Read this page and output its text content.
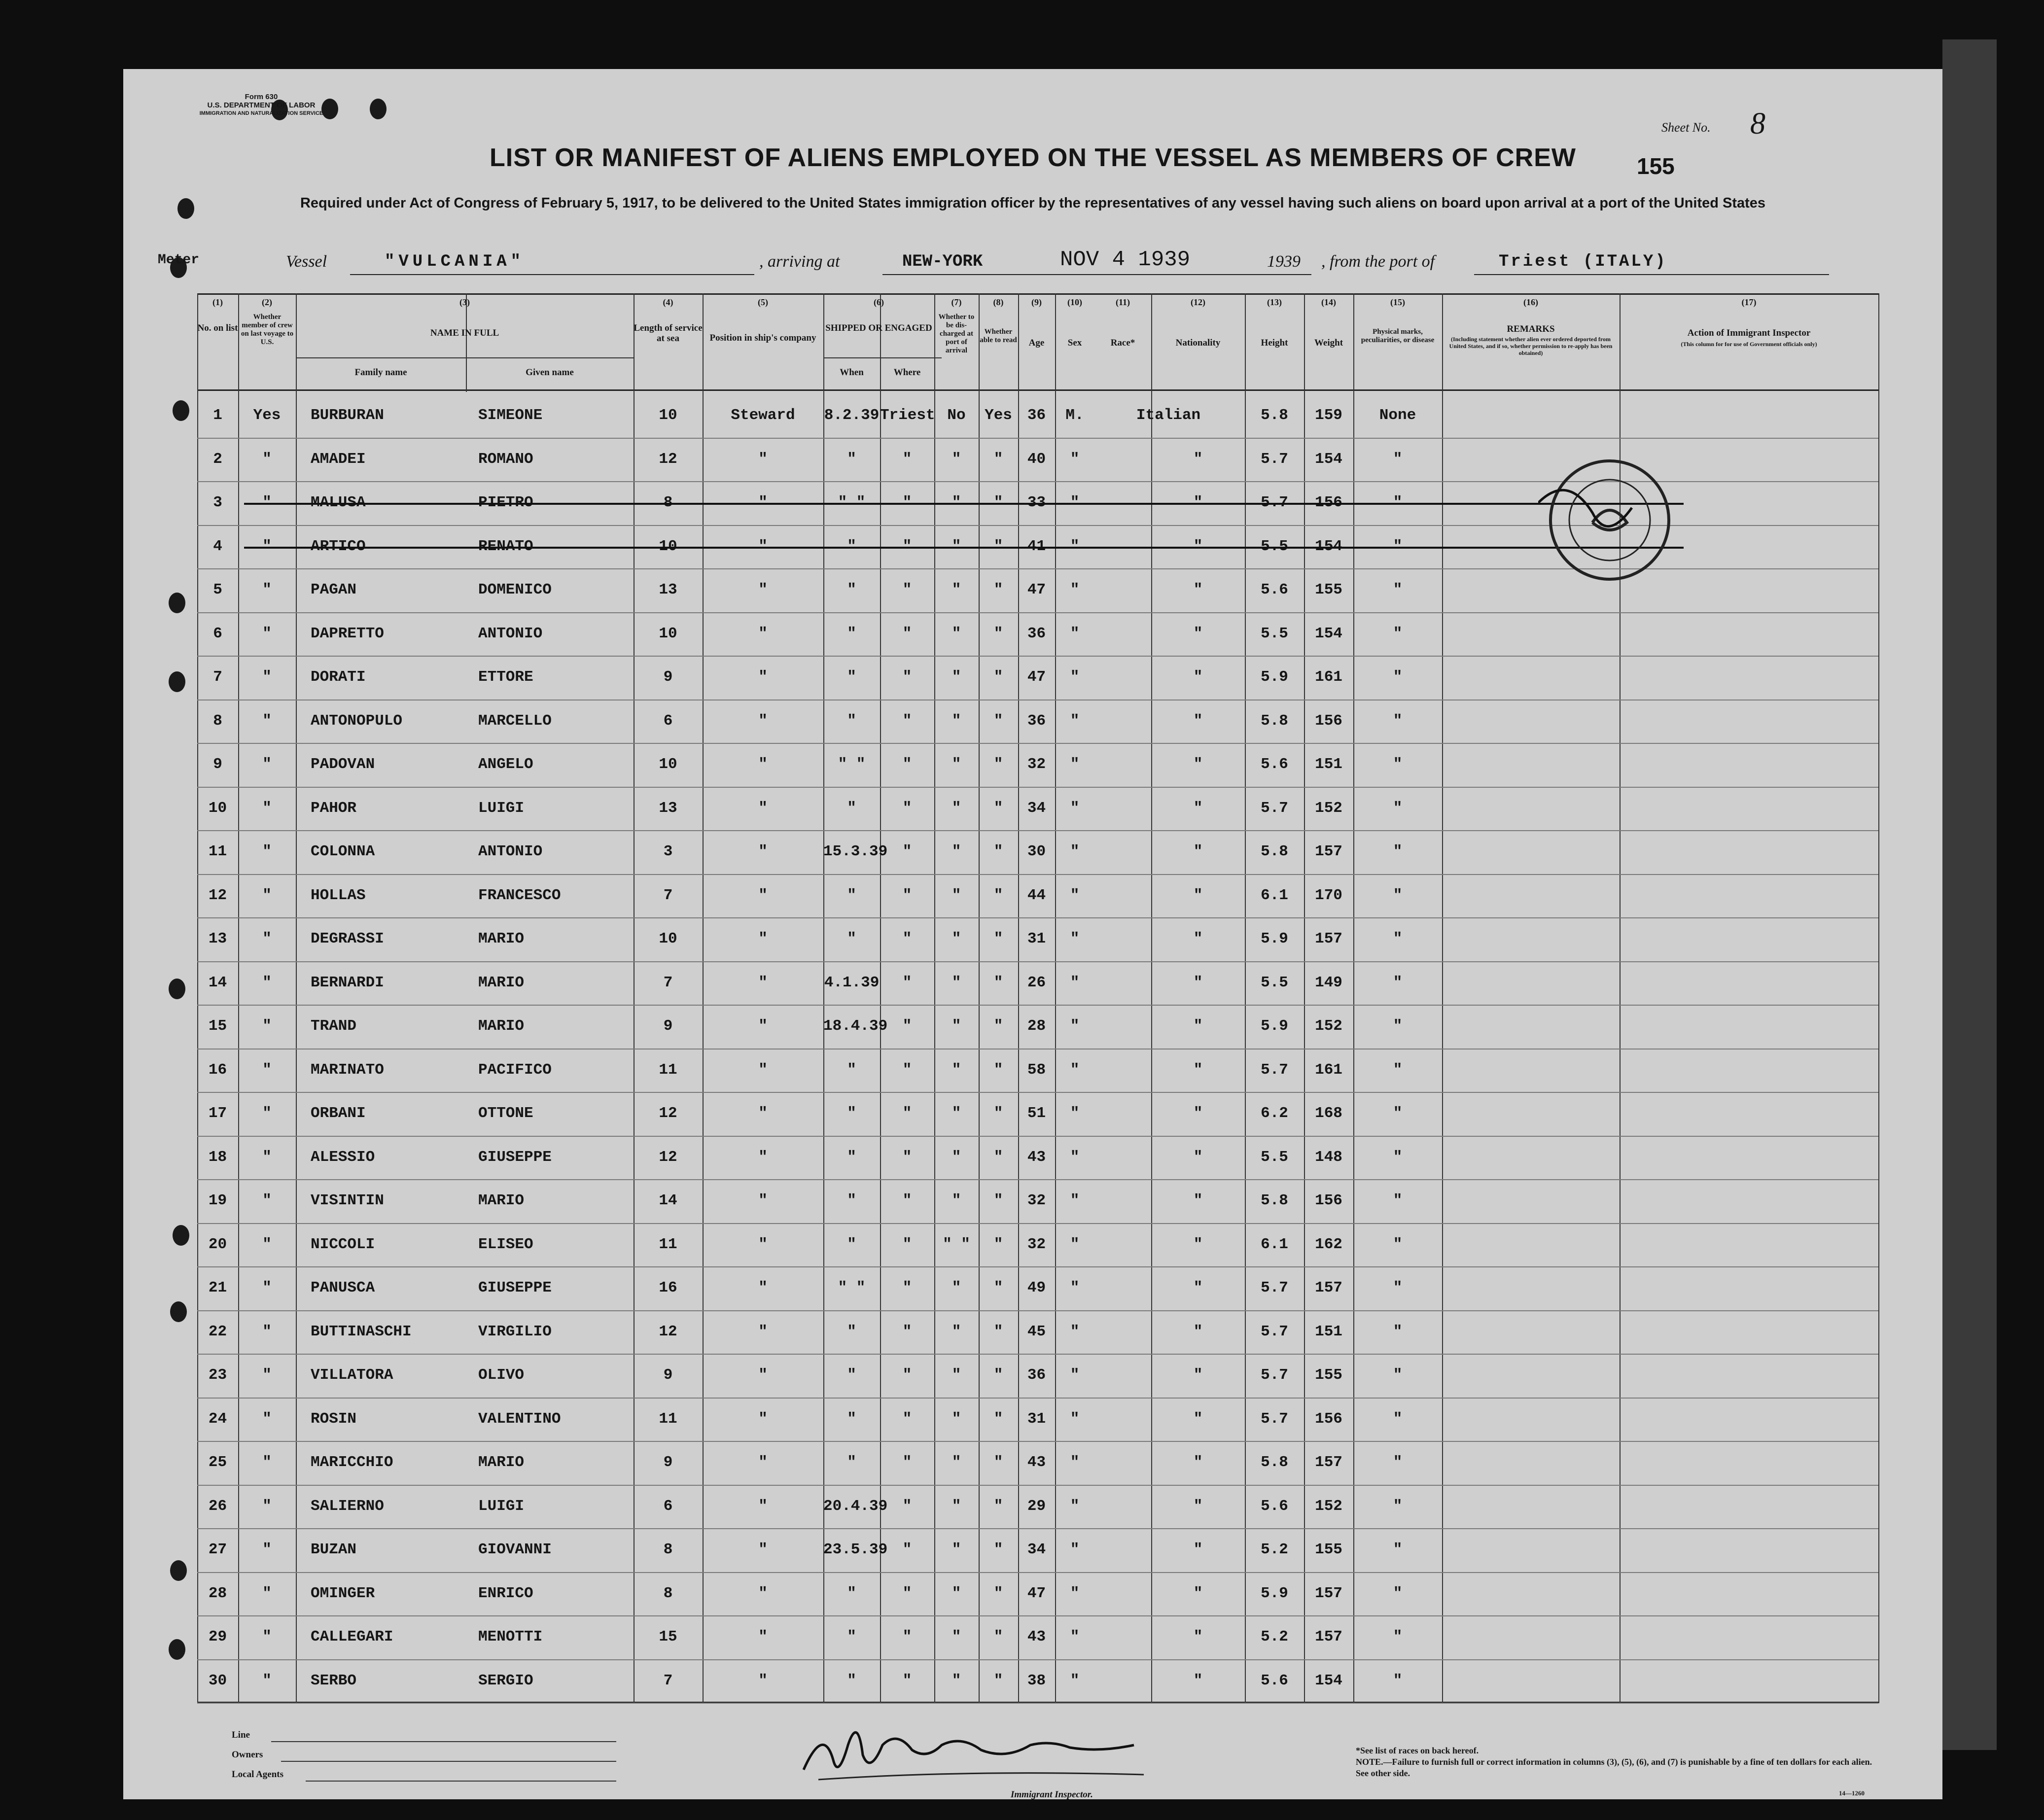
Form 630
U.S. DEPARTMENT OF LABOR
IMMIGRATION AND NATURALIZATION SERVICE
Sheet No. 8
155
LIST OR MANIFEST OF ALIENS EMPLOYED ON THE VESSEL AS MEMBERS OF CREW
Required under Act of Congress of February 5, 1917, to be delivered to the United States immigration officer by the representatives of any vessel having such aliens on board upon arrival at a port of the United States
Meter	Vessel	"VULCANIA"	, arriving at	NEW-YORK	NOV 4 1939	1939 , from the port of	Triest (ITALY)
(1)	(2)	(3)	(4)	(5)	(6)	(7)	(8)	(9)	(10)	(11)	(12)	(13)	(14)	(15)	(16)	(17)
No. on list
Whether member of crew on last voyage to U.S.
NAME IN FULL
Family name	Given name
Length of service at sea	Position in ship's company
SHIPPED OR ENGAGED
When	Where
Whether to be dis- charged at port of arrival
Whether able to read	Age	Sex	Race*	Nationality	Height	Weight
Physical marks, peculiarities, or disease
REMARKS
(Including statement whether alien ever ordered deported from United States, and if so, whether permission to re-apply has been obtained)
Action of Immigrant Inspector
(This column for for use of Government officials only)
1	Yes	BURBURAN	SIMEONE	10	Steward	8.2.39 Triest No	Yes 36	M.	Italian	5.8	159	None
2	"	AMADEI	ROMANO	12	"	"	"	"	"	40	"	"	5.7	154	"
3
4
5	"	PAGAN	DOMENICO	13	"	"	"	"	"	47	"	"	5.6	155	"
6	"	DAPRETTO	ANTONIO	10	"	"	"	"	"	36	"	"	5.5	154	"
7	"	DORATI	ETTORE	9	"	"	"	"	"	47	"	"	5.9	161	"
8	"	ANTONOPULO	MARCELLO	6	"	"	"	"	"	36	"	"	5.8	156	"
9	"	PADOVAN	ANGELO	10	"	" "	"	"	"	32	"	"	5.6	151	"
10	"	PAHOR	LUIGI	13	"	"	"	"	"	34	"	"	5.7	152	"
11	"	COLONNA	ANTONIO	3	"	15.3.39 "	"	"	30	"	"	5.8	157	"
12	"	HOLLAS	FRANCESCO	7	"	"	"	"	"	44	"	"	6.1	170	"
13	"	DEGRASSI	MARIO	10	"	"	"	"	"	31	"	"	5.9	157	"
14	"	BERNARDI	MARIO	7	"	4.1.39	"	"	"	26	"	"	5.5	149	"
15	"	TRAND	MARIO	9	"	18.4.39 "	"	"	28	"	"	5.9	152	"
16	"	MARINATO	PACIFICO	11	"	"	"	"	"	58	"	"	5.7	161	"
17	"	ORBANI	OTTONE	12	"	"	"	"	"	51	"	"	6.2	168	"
18	"	ALESSIO	GIUSEPPE	12	"	"	"	"	"	43	"	"	5.5	148	"
19	"	VISINTIN	MARIO	14	"	"	"	"	"	32	"	"	5.8	156	"
20	"	NICCOLI	ELISEO	11	"	"	"	" "	"	32	"	"	6.1	162	"
21	"	PANUSCA	GIUSEPPE	16	"	" "	"	"	"	49	"	"	5.7	157	"
22	"	BUTTINASCHI	VIRGILIO	12	"	"	"	"	"	45	"	"	5.7	151	"
23	"	VILLATORA	OLIVO	9	"	"	"	"	"	36	"	"	5.7	155	"
24	"	ROSIN	VALENTINO	11	"	"	"	"	"	31	"	"	5.7	156	"
25	"	MARICCHIO	MARIO	9	"	"	"	"	"	43	"	"	5.8	157	"
26	"	SALIERNO	LUIGI	6	"	20.4.39 "	"	"	29	"	"	5.6	152	"
27	"	BUZAN	GIOVANNI	8	"	23.5.39 "	"	"	34	"	"	5.2	155	"
28	"	OMINGER	ENRICO	8	"	"	"	"	"	47	"	"	5.9	157	"
29	"	CALLEGARI	MENOTTI	15	"	"	"	"	"	43	"	"	5.2	157	"
30	"	SERBO	SERGIO	7	"	"	"	"	"	38	"	"	5.6	154	"
Line
Owners
Local Agents
Immigrant Inspector.
*See list of races on back hereof.
NOTE.—Failure to furnish full or correct information in columns (3), (5), (6), and (7) is punishable by a fine of ten dollars for each alien. See other side.
14—1260
